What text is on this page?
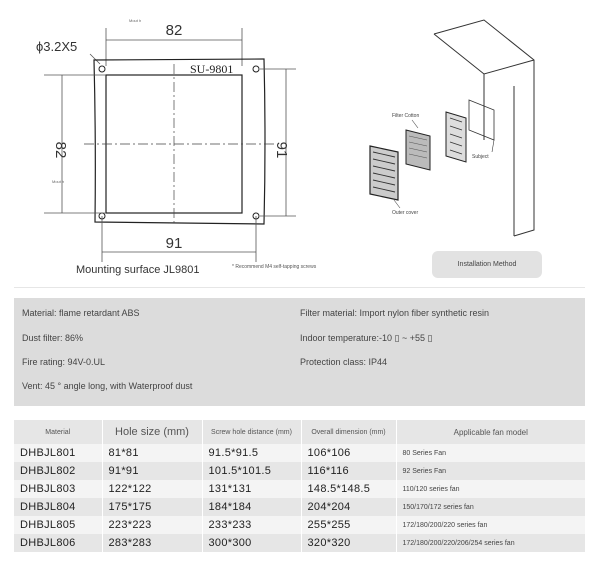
82
Mout h
ϕ3.2X5
SU-9801
82
Mout h
91
91
Mounting surface JL9801	* Recommend M4 self-tapping screws
Subject
Filter Cotton
Outer cover
Installation Method
Material: flame retardant ABS	Filter material: Import nylon fiber synthetic resin
Dust filter: 86%	Indoor temperature:-10 ▯ ~ +55 ▯
Fire rating: 94V-0.UL	Protection class: IP44
Vent: 45 ° angle long, with Waterproof dust
Material	Hole size (mm)	Screw hole distance (mm)	Overall dimension (mm)	Applicable fan model
DHBJL801	81*81	91.5*91.5	106*106	80 Series Fan
DHBJL802	91*91	101.5*101.5	116*116	92 Series Fan
DHBJL803	122*122	131*131	148.5*148.5	110/120 series fan
DHBJL804	175*175	184*184	204*204	150/170/172 series fan
DHBJL805	223*223	233*233	255*255	172/180/200/220 series fan
DHBJL806	283*283	300*300	320*320	172/180/200/220/206/254 series fan
